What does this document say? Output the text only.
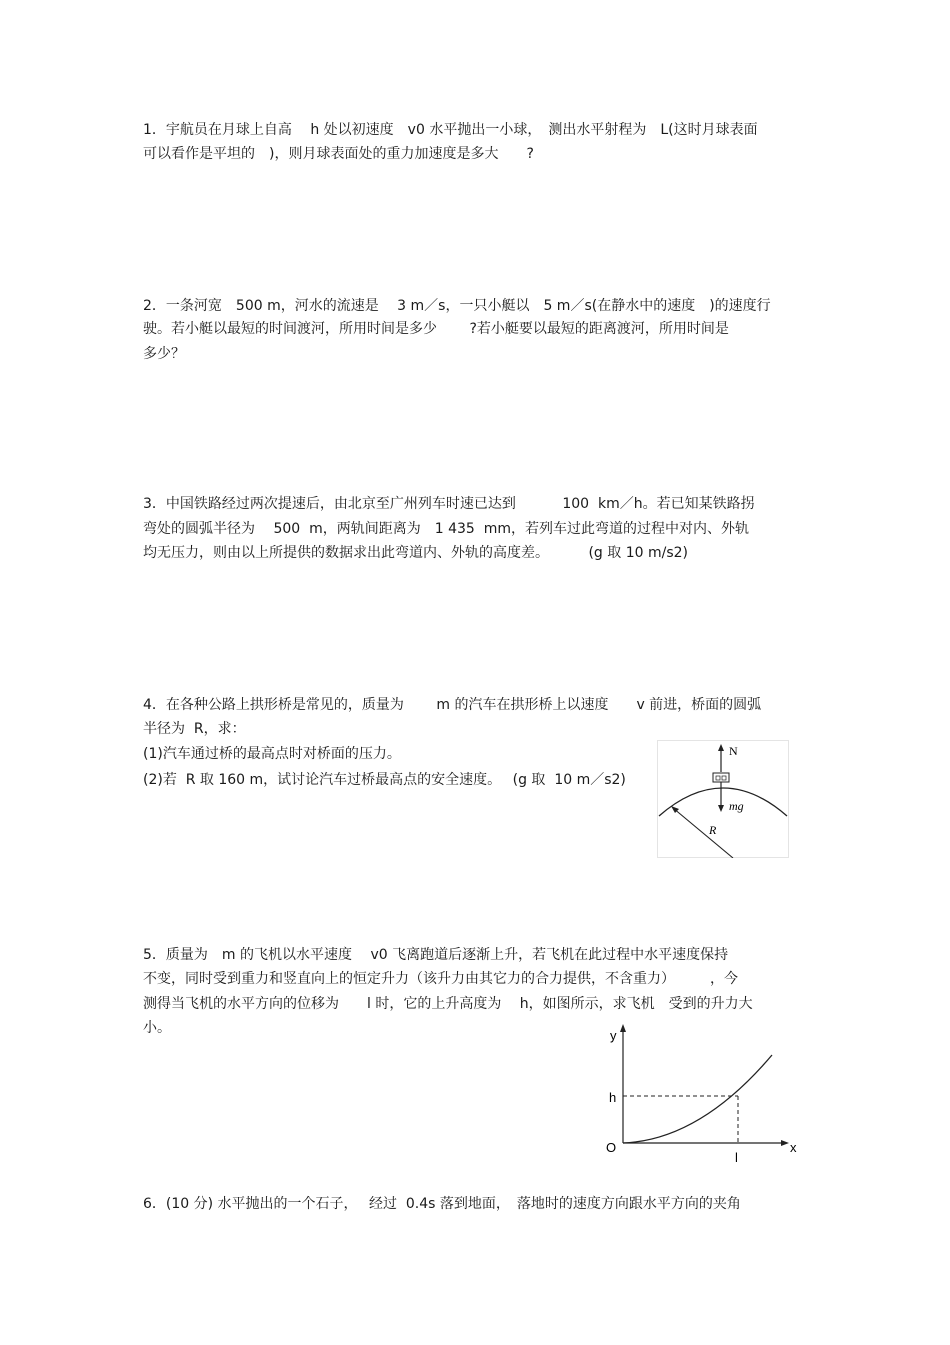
1．宇航员在月球上自高　 h 处以初速度　v0 水平抛出一小球，　测出水平射程为　L(这时月球表面
可以看作是平坦的　)，则月球表面处的重力加速度是多大　　?
2．一条河宽　500 m，河水的流速是　 3 m／s，一只小艇以　5 m／s(在静水中的速度　)的速度行
驶。若小艇以最短的时间渡河，所用时间是多少　　 ?若小艇要以最短的距离渡河，所用时间是
多少？
3．中国铁路经过两次提速后，由北京至广州列车时速已达到　　　 100  km／h。若已知某铁路拐
弯处的圆弧半径为　 500  m，两轨间距离为　1 435  mm，若列车过此弯道的过程中对内、外轨
均无压力，则由以上所提供的数据求出此弯道内、外轨的高度差。　　　 (g 取 10 m/s2)
4．在各种公路上拱形桥是常见的，质量为　　 m 的汽车在拱形桥上以速度　　v 前进，桥面的圆弧
半径为  R，求：
(1)汽车通过桥的最高点时对桥面的压力。
(2)若  R 取 160 m，试讨论汽车过桥最高点的安全速度。　 (g 取  10 m／s2)
N
mg
R
5．质量为　m 的飞机以水平速度　 v0 飞离跑道后逐渐上升，若飞机在此过程中水平速度保持
不变，同时受到重力和竖直向上的恒定升力（该升力由其它力的合力提供，不含重力）　　　，今
测得当飞机的水平方向的位移为　　l 时，它的上升高度为　 h，如图所示，求飞机　受到的升力大
小。	y
x
O
h
l
6．(10 分) 水平抛出的一个石子，　 经过  0.4s 落到地面，　落地时的速度方向跟水平方向的夹角
